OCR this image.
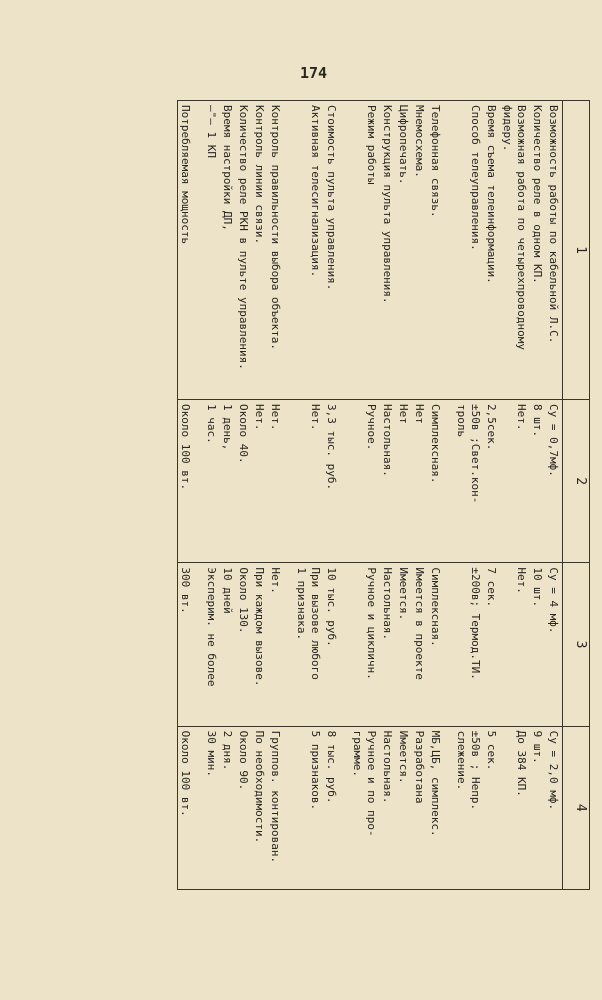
174
1	2	3	4

Возможность работы по кабельной Л.С.	Су = 0,7мф.	Су = 4 мф.	Су = 2,0 мф.

Количество реле в одном КП.	8 шт.	10 шт.	9 шт.

Возможная работа по четырехпроводному
фидеру.	Нет.	Нет.	До 384 КП.

Время съема телеинформации.	2,5сек.	7 сек.	5 сек.

Способ телеуправления.	±50в ;Свет.кон-
троль	±200в; Термод.ТИ.	±50в ; Непр.
слежение.

Телефонная связь.	Симплексная.	Симплексная.	МБ,ЦБ, симплекс.

Мнемосхема.	Нет	Имеется в проекте	Разработана

Цифропечать.	Нет	Имеется.	Имеется.

Конструкция пульта управления.	Настольная.	Настольная.	Настольная.

Режим работы	Ручное.	Ручное и цикличн.	Ручное и по про-
грамме.

Стоимость пульта управления.	3,3 тыс. руб.	10 тыс. руб.	8 тыс. руб.

Активная телесигнализация.	Нет.	При вызове любого
1 признака.	5 признаков.

Контроль правильности выбора объекта.	Нет.	Нет.	Группов. контирован.

Контроль линии связи.	Нет.	При каждом вызове.	По необходимости.

Количество реле РКН в пульте управления.	Около 40.	Около 130.	Около 90.

Время настройки ДП,	1 день,	10 дней	2 дня.

–"– 1 КП	1 час.	Эксперим. не более	30 мин.

Потребляемая мощность	Около 100 вт.	300 вт.	Около 100 вт.
